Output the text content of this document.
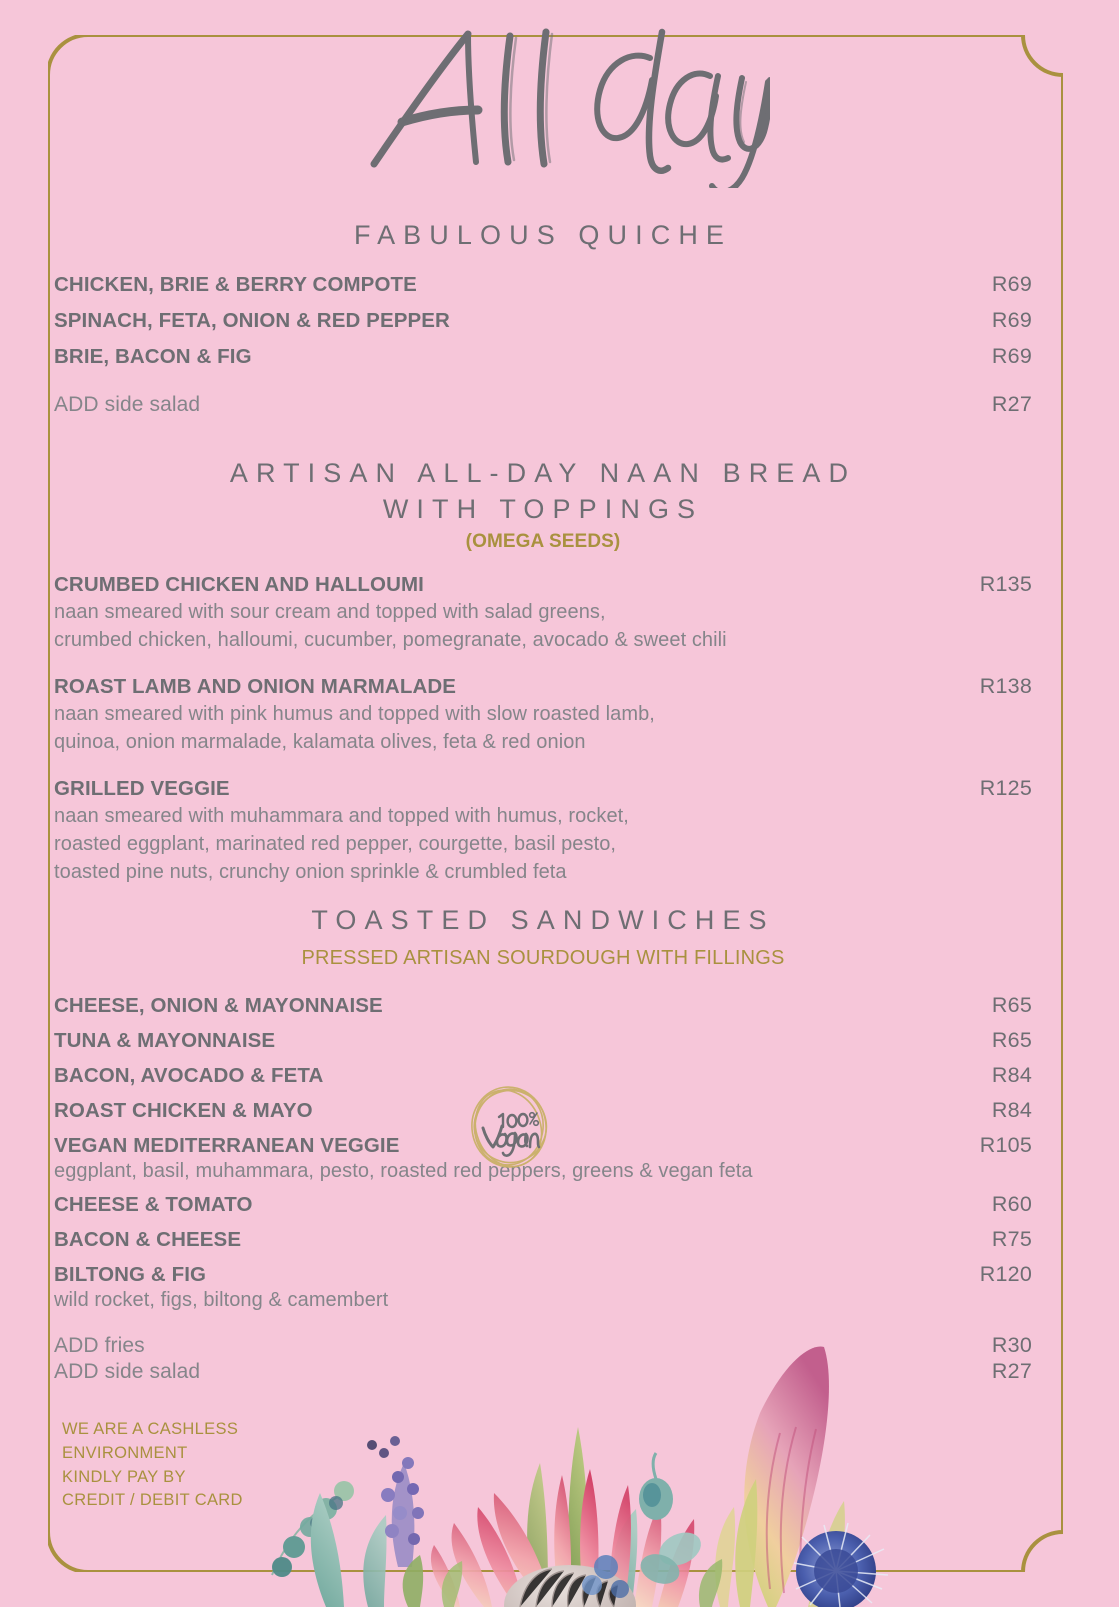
FABULOUS QUICHE
CHICKEN, BRIE & BERRY COMPOTE	R69
SPINACH, FETA, ONION & RED PEPPER	R69
BRIE, BACON & FIG	R69
ADD side salad	R27
ARTISAN ALL-DAY NAAN BREAD
WITH TOPPINGS
(OMEGA SEEDS)
CRUMBED CHICKEN AND HALLOUMI	R135
naan smeared with sour cream and topped with salad greens,
crumbed chicken, halloumi, cucumber, pomegranate, avocado & sweet chili
ROAST LAMB AND ONION MARMALADE	R138
naan smeared with pink humus and topped with slow roasted lamb,
quinoa, onion marmalade, kalamata olives, feta & red onion
GRILLED VEGGIE	R125
naan smeared with muhammara and topped with humus, rocket,
roasted eggplant, marinated red pepper, courgette, basil pesto,
toasted pine nuts, crunchy onion sprinkle & crumbled feta
TOASTED SANDWICHES
PRESSED ARTISAN SOURDOUGH WITH FILLINGS
CHEESE, ONION & MAYONNAISE	R65
TUNA & MAYONNAISE	R65
BACON, AVOCADO & FETA	R84
ROAST CHICKEN & MAYO	R84
VEGAN MEDITERRANEAN VEGGIE	R105
eggplant, basil, muhammara, pesto, roasted red peppers, greens & vegan feta
CHEESE & TOMATO	R60
BACON & CHEESE	R75
BILTONG & FIG	R120
wild rocket, figs, biltong & camembert
ADD fries	R30
ADD side salad	R27
WE ARE A CASHLESS
ENVIRONMENT
KINDLY PAY BY
CREDIT / DEBIT CARD
